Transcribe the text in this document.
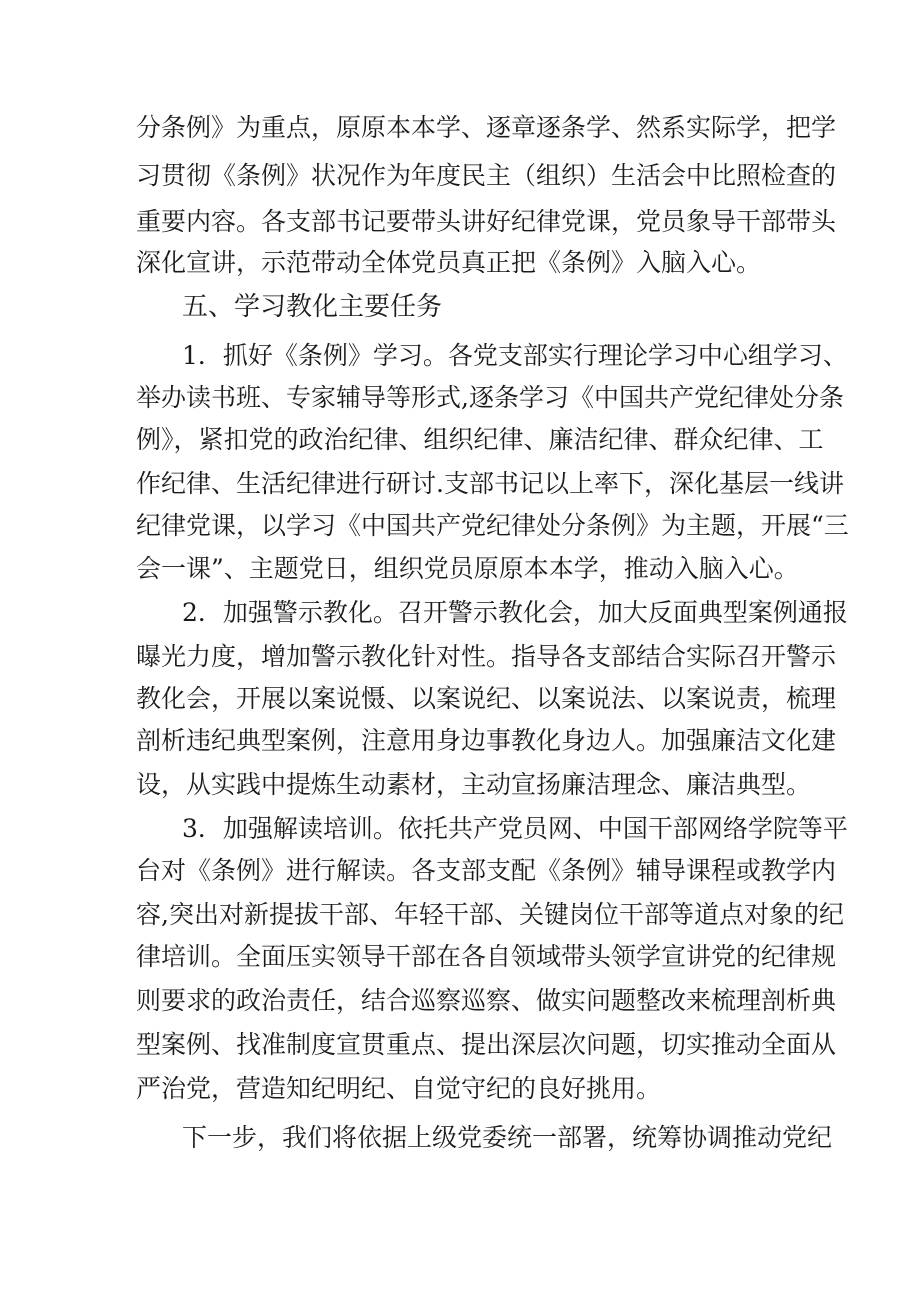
分条例》为重点，原原本本学、逐章逐条学、然系实际学，把学
习贯彻《条例》状况作为年度民主（组织）生活会中比照检查的
重要内容。各支部书记要带头讲好纪律党课，党员象导干部带头
深化宣讲，示范带动全体党员真正把《条例》入脑入心。
五、学习教化主要任务
1．抓好《条例》学习。各党支部实行理论学习中心组学习、
举办读书班、专家辅导等形式,逐条学习《中国共产党纪律处分条
例》，紧扣党的政治纪律、组织纪律、廉洁纪律、群众纪律、工
作纪律、生活纪律进行研讨.支部书记以上率下，深化基层一线讲
纪律党课，以学习《中国共产党纪律处分条例》为主题，开展“三
会一课”、主题党日，组织党员原原本本学，推动入脑入心。
2．加强警示教化。召开警示教化会，加大反面典型案例通报
曝光力度，增加警示教化针对性。指导各支部结合实际召开警示
教化会，开展以案说慑、以案说纪、以案说法、以案说责，梳理
剖析违纪典型案例，注意用身边事教化身边人。加强廉洁文化建
设，从实践中提炼生动素材，主动宣扬廉洁理念、廉洁典型。
3．加强解读培训。依托共产党员网、中国干部网络学院等平
台对《条例》进行解读。各支部支配《条例》辅导课程或教学内
容,突出对新提拔干部、年轻干部、关键岗位干部等道点对象的纪
律培训。全面压实领导干部在各自领域带头领学宣讲党的纪律规
则要求的政治责任，结合巡察巡察、做实问题整改来梳理剖析典
型案例、找准制度宣贯重点、提出深层次问题，切实推动全面从
严治党，营造知纪明纪、自觉守纪的良好挑用。
下一步，我们将依据上级党委统一部署，统筹协调推动党纪
